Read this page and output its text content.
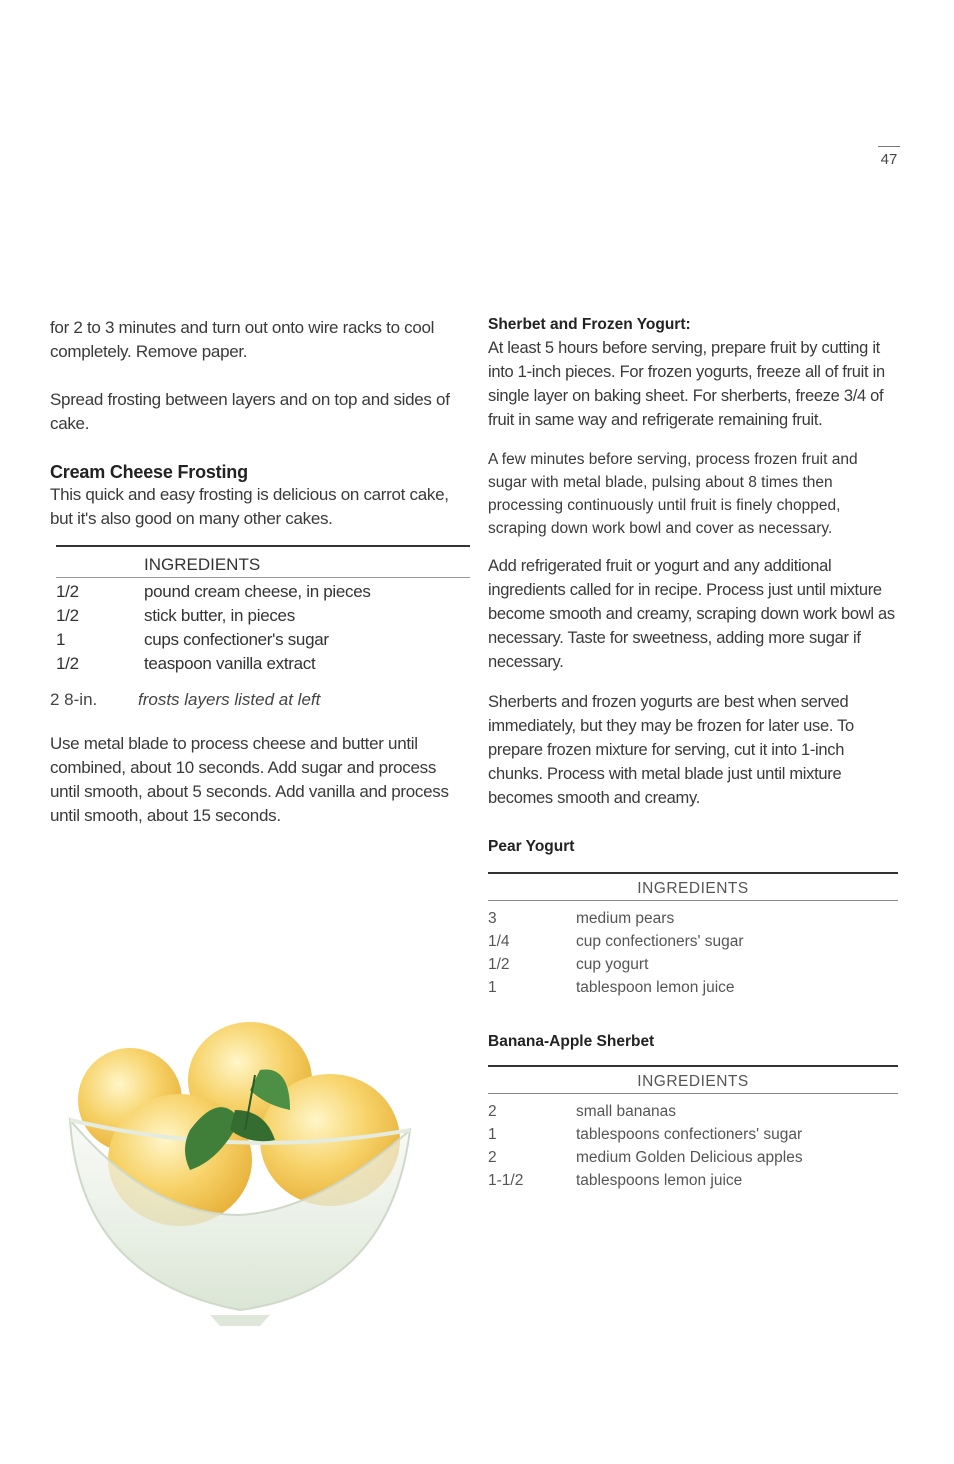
47

for 2 to 3 minutes and turn out onto wire racks to cool completely. Remove paper.

Spread frosting between layers and on top and sides of cake.

Cream Cheese Frosting

This quick and easy frosting is delicious on carrot cake, but it's also good on many other cakes.

INGREDIENTS
1/2	pound cream cheese, in pieces
1/2	stick butter, in pieces
1	cups confectioner's sugar
1/2	teaspoon vanilla extract
2 8-in.	frosts layers listed at left

Use metal blade to process cheese and butter until combined, about 10 seconds. Add sugar and process until smooth, about 5 seconds. Add vanilla and process until smooth, about 15 seconds.

Sherbet and Frozen Yogurt:

At least 5 hours before serving, prepare fruit by cutting it into 1-inch pieces. For frozen yogurts, freeze all of fruit in single layer on baking sheet. For sherberts, freeze 3/4 of fruit in same way and refrigerate remaining fruit.

A few minutes before serving, process frozen fruit and sugar with metal blade, pulsing about 8 times then processing continuously until fruit is finely chopped, scraping down work bowl and cover as necessary.

Add refrigerated fruit or yogurt and any additional ingredients called for in recipe. Process just until mixture become smooth and creamy, scraping down work bowl as necessary. Taste for sweetness, adding more sugar if necessary.

Sherberts and frozen yogurts are best when served immediately, but they may be frozen for later use. To prepare frozen mixture for serving, cut it into 1-inch chunks. Process with metal blade just until mixture becomes smooth and creamy.

Pear Yogurt
INGREDIENTS
3	medium pears
1/4	cup confectioners' sugar
1/2	cup yogurt
1	tablespoon lemon juice
Banana-Apple Sherbet
INGREDIENTS
2	small bananas
1	tablespoons confectioners' sugar
2	medium Golden Delicious apples
1-1/2	tablespoons lemon juice
